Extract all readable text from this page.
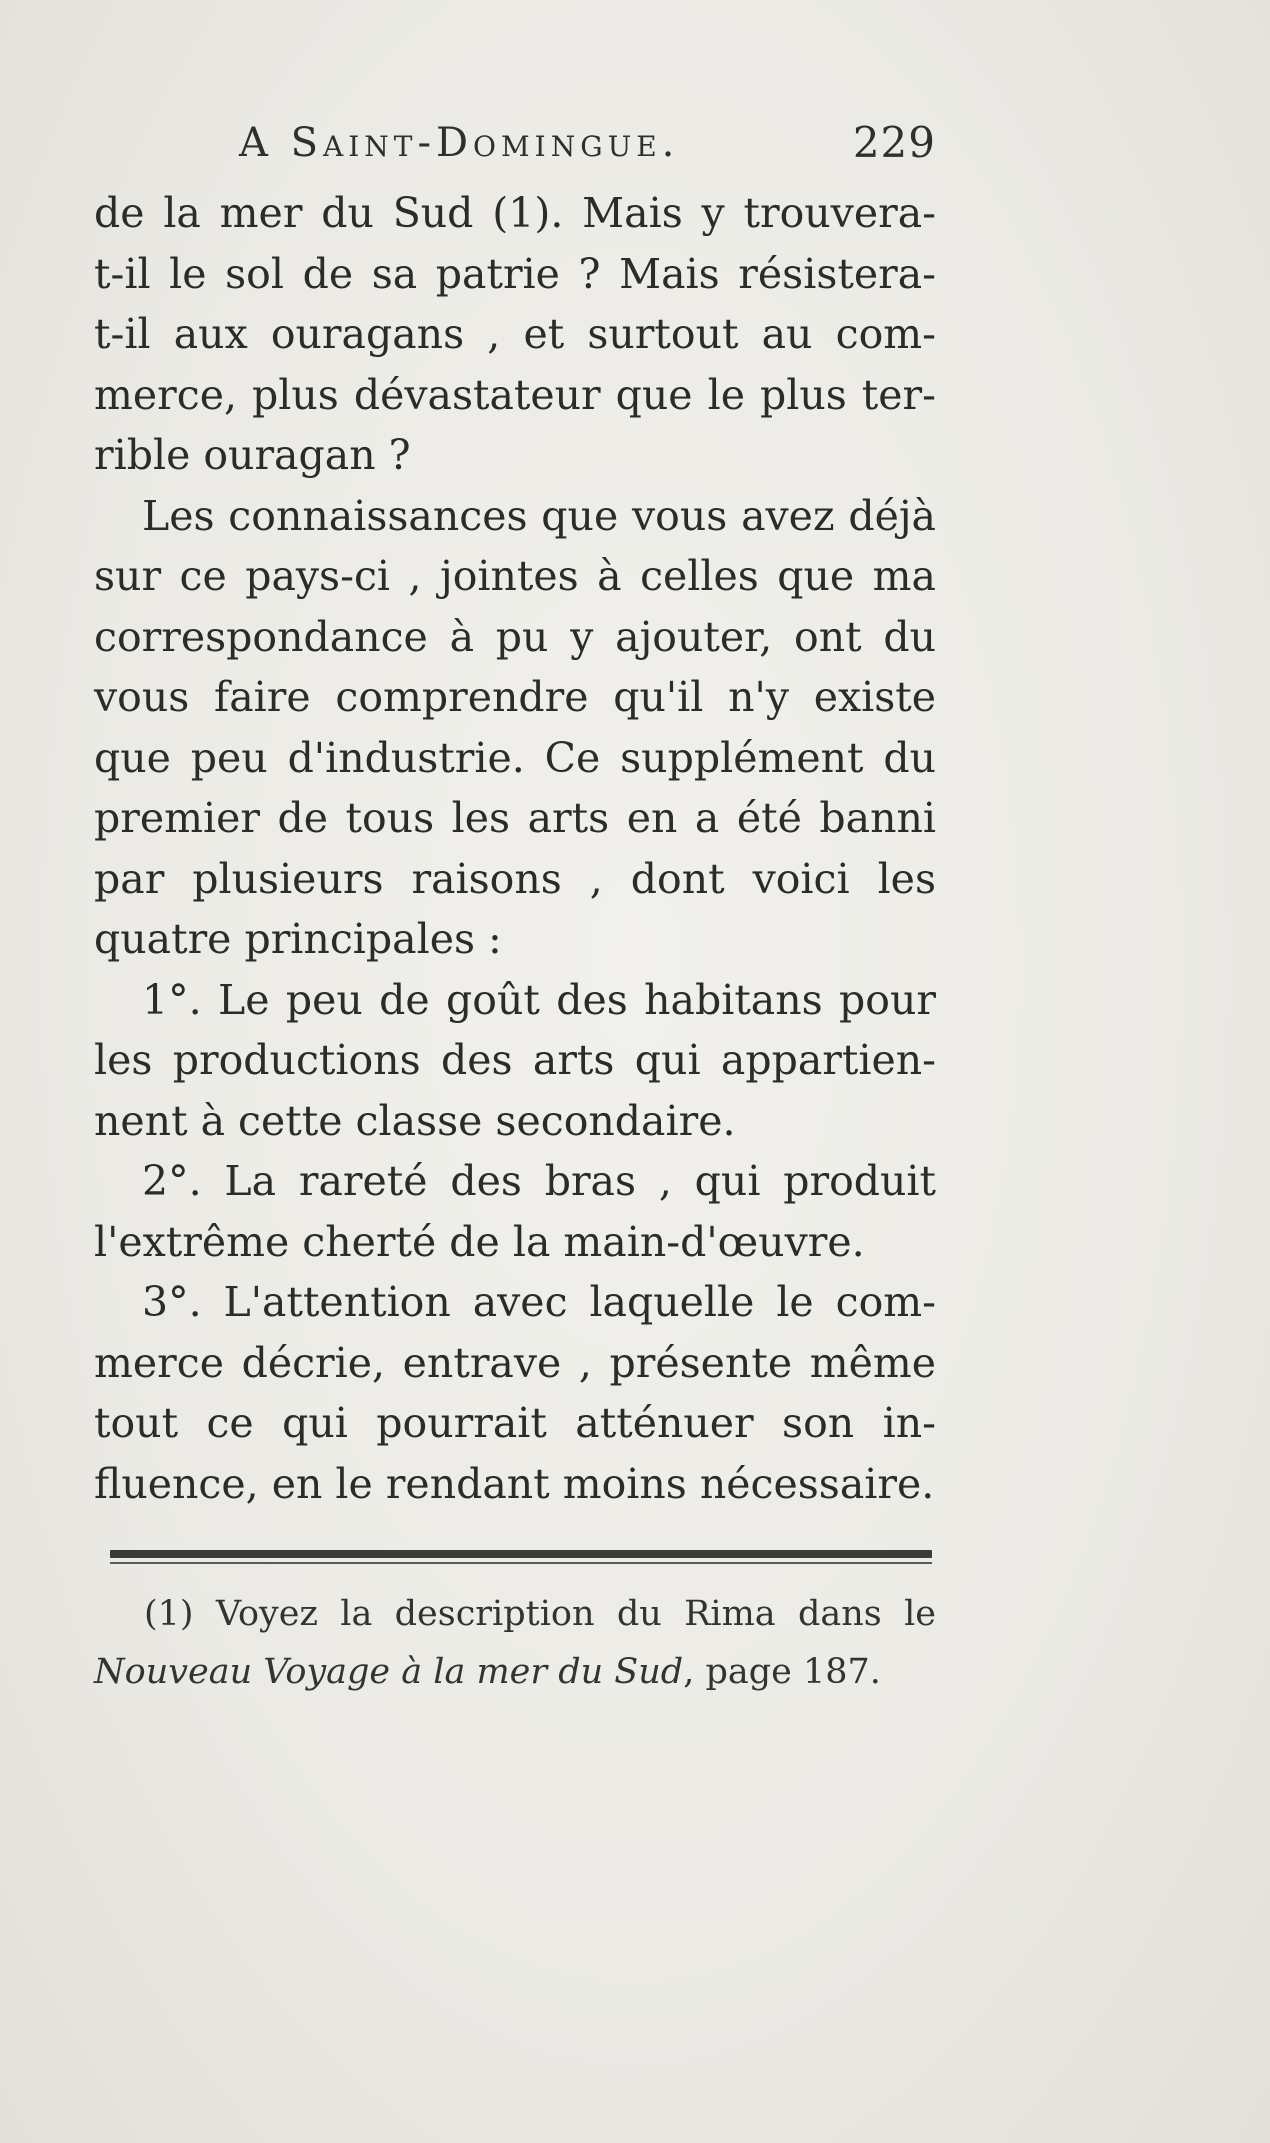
A Saint-Domingue.	229
de la mer du Sud (1). Mais y trouvera-
t-il le sol de sa patrie ? Mais résistera-
t-il aux ouragans , et surtout au com-
merce, plus dévastateur que le plus ter-
rible ouragan ?
Les connaissances que vous avez déjà
sur ce pays-ci , jointes à celles que ma
correspondance à pu y ajouter, ont du
vous faire comprendre qu'il n'y existe
que peu d'industrie. Ce supplément du
premier de tous les arts en a été banni
par plusieurs raisons , dont voici les
quatre principales :
1°. Le peu de goût des habitans pour
les productions des arts qui appartien-
nent à cette classe secondaire.
2°. La rareté des bras , qui produit
l'extrême cherté de la main-d'œuvre.
3°. L'attention avec laquelle le com-
merce décrie, entrave , présente même
tout ce qui pourrait atténuer son in-
fluence, en le rendant moins nécessaire.
(1) Voyez la description du Rima dans le
Nouveau Voyage à la mer du Sud, page 187.
